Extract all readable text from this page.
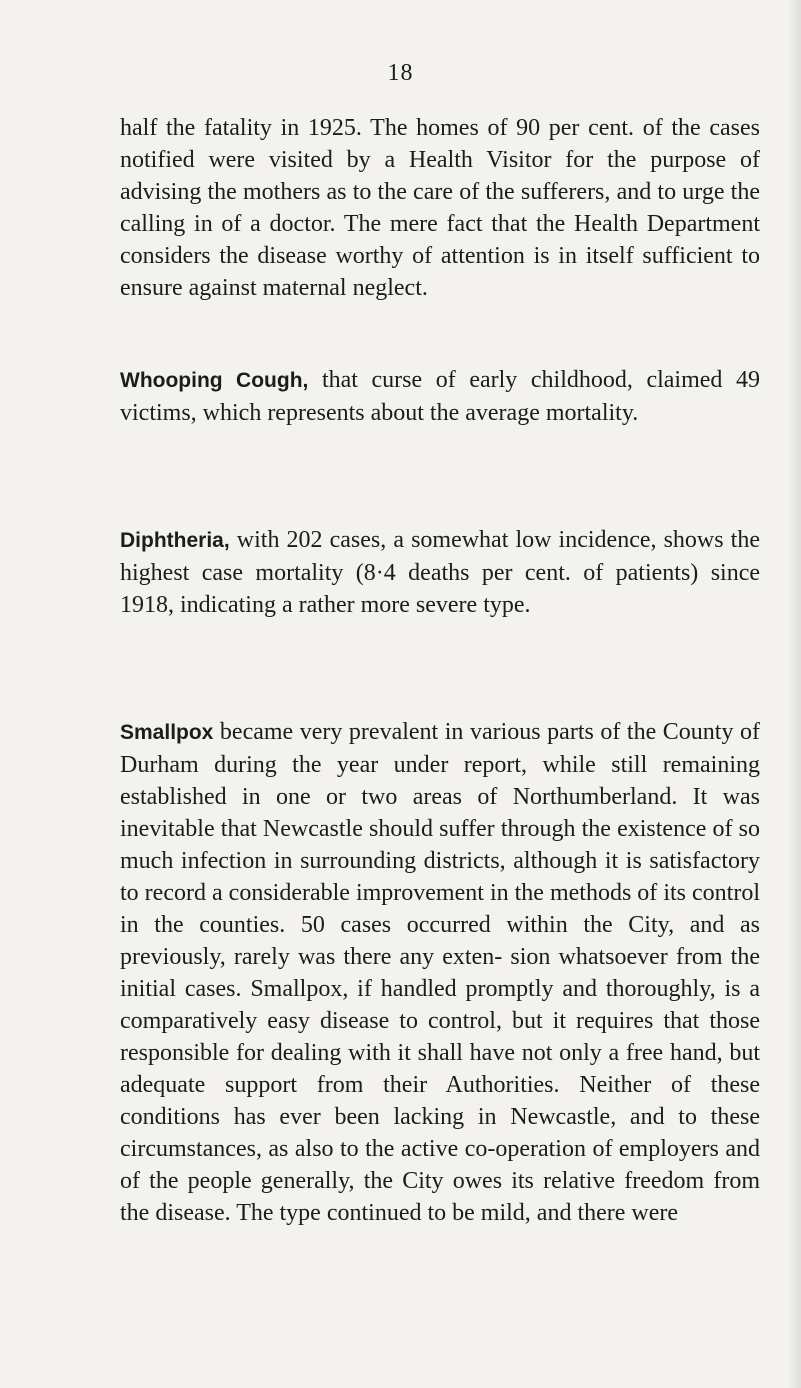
18

half the fatality in 1925. The homes of 90 per cent. of the cases notified were visited by a Health Visitor for the purpose of advising the mothers as to the care of the sufferers, and to urge the calling in of a doctor. The mere fact that the Health Department considers the disease worthy of attention is in itself sufficient to ensure against maternal neglect.

Whooping Cough, that curse of early childhood, claimed 49 victims, which represents about the average mortality.

Diphtheria, with 202 cases, a somewhat low incidence, shows the highest case mortality (8·4 deaths per cent. of patients) since 1918, indicating a rather more severe type.

Smallpox became very prevalent in various parts of the County of Durham during the year under report, while still remaining established in one or two areas of Northumberland. It was inevitable that Newcastle should suffer through the existence of so much infection in surrounding districts, although it is satisfactory to record a considerable improvement in the methods of its control in the counties. 50 cases occurred within the City, and as previously, rarely was there any exten- sion whatsoever from the initial cases. Smallpox, if handled promptly and thoroughly, is a comparatively easy disease to control, but it requires that those responsible for dealing with it shall have not only a free hand, but adequate support from their Authorities. Neither of these conditions has ever been lacking in Newcastle, and to these circumstances, as also to the active co-operation of employers and of the people generally, the City owes its relative freedom from the disease. The type continued to be mild, and there were
